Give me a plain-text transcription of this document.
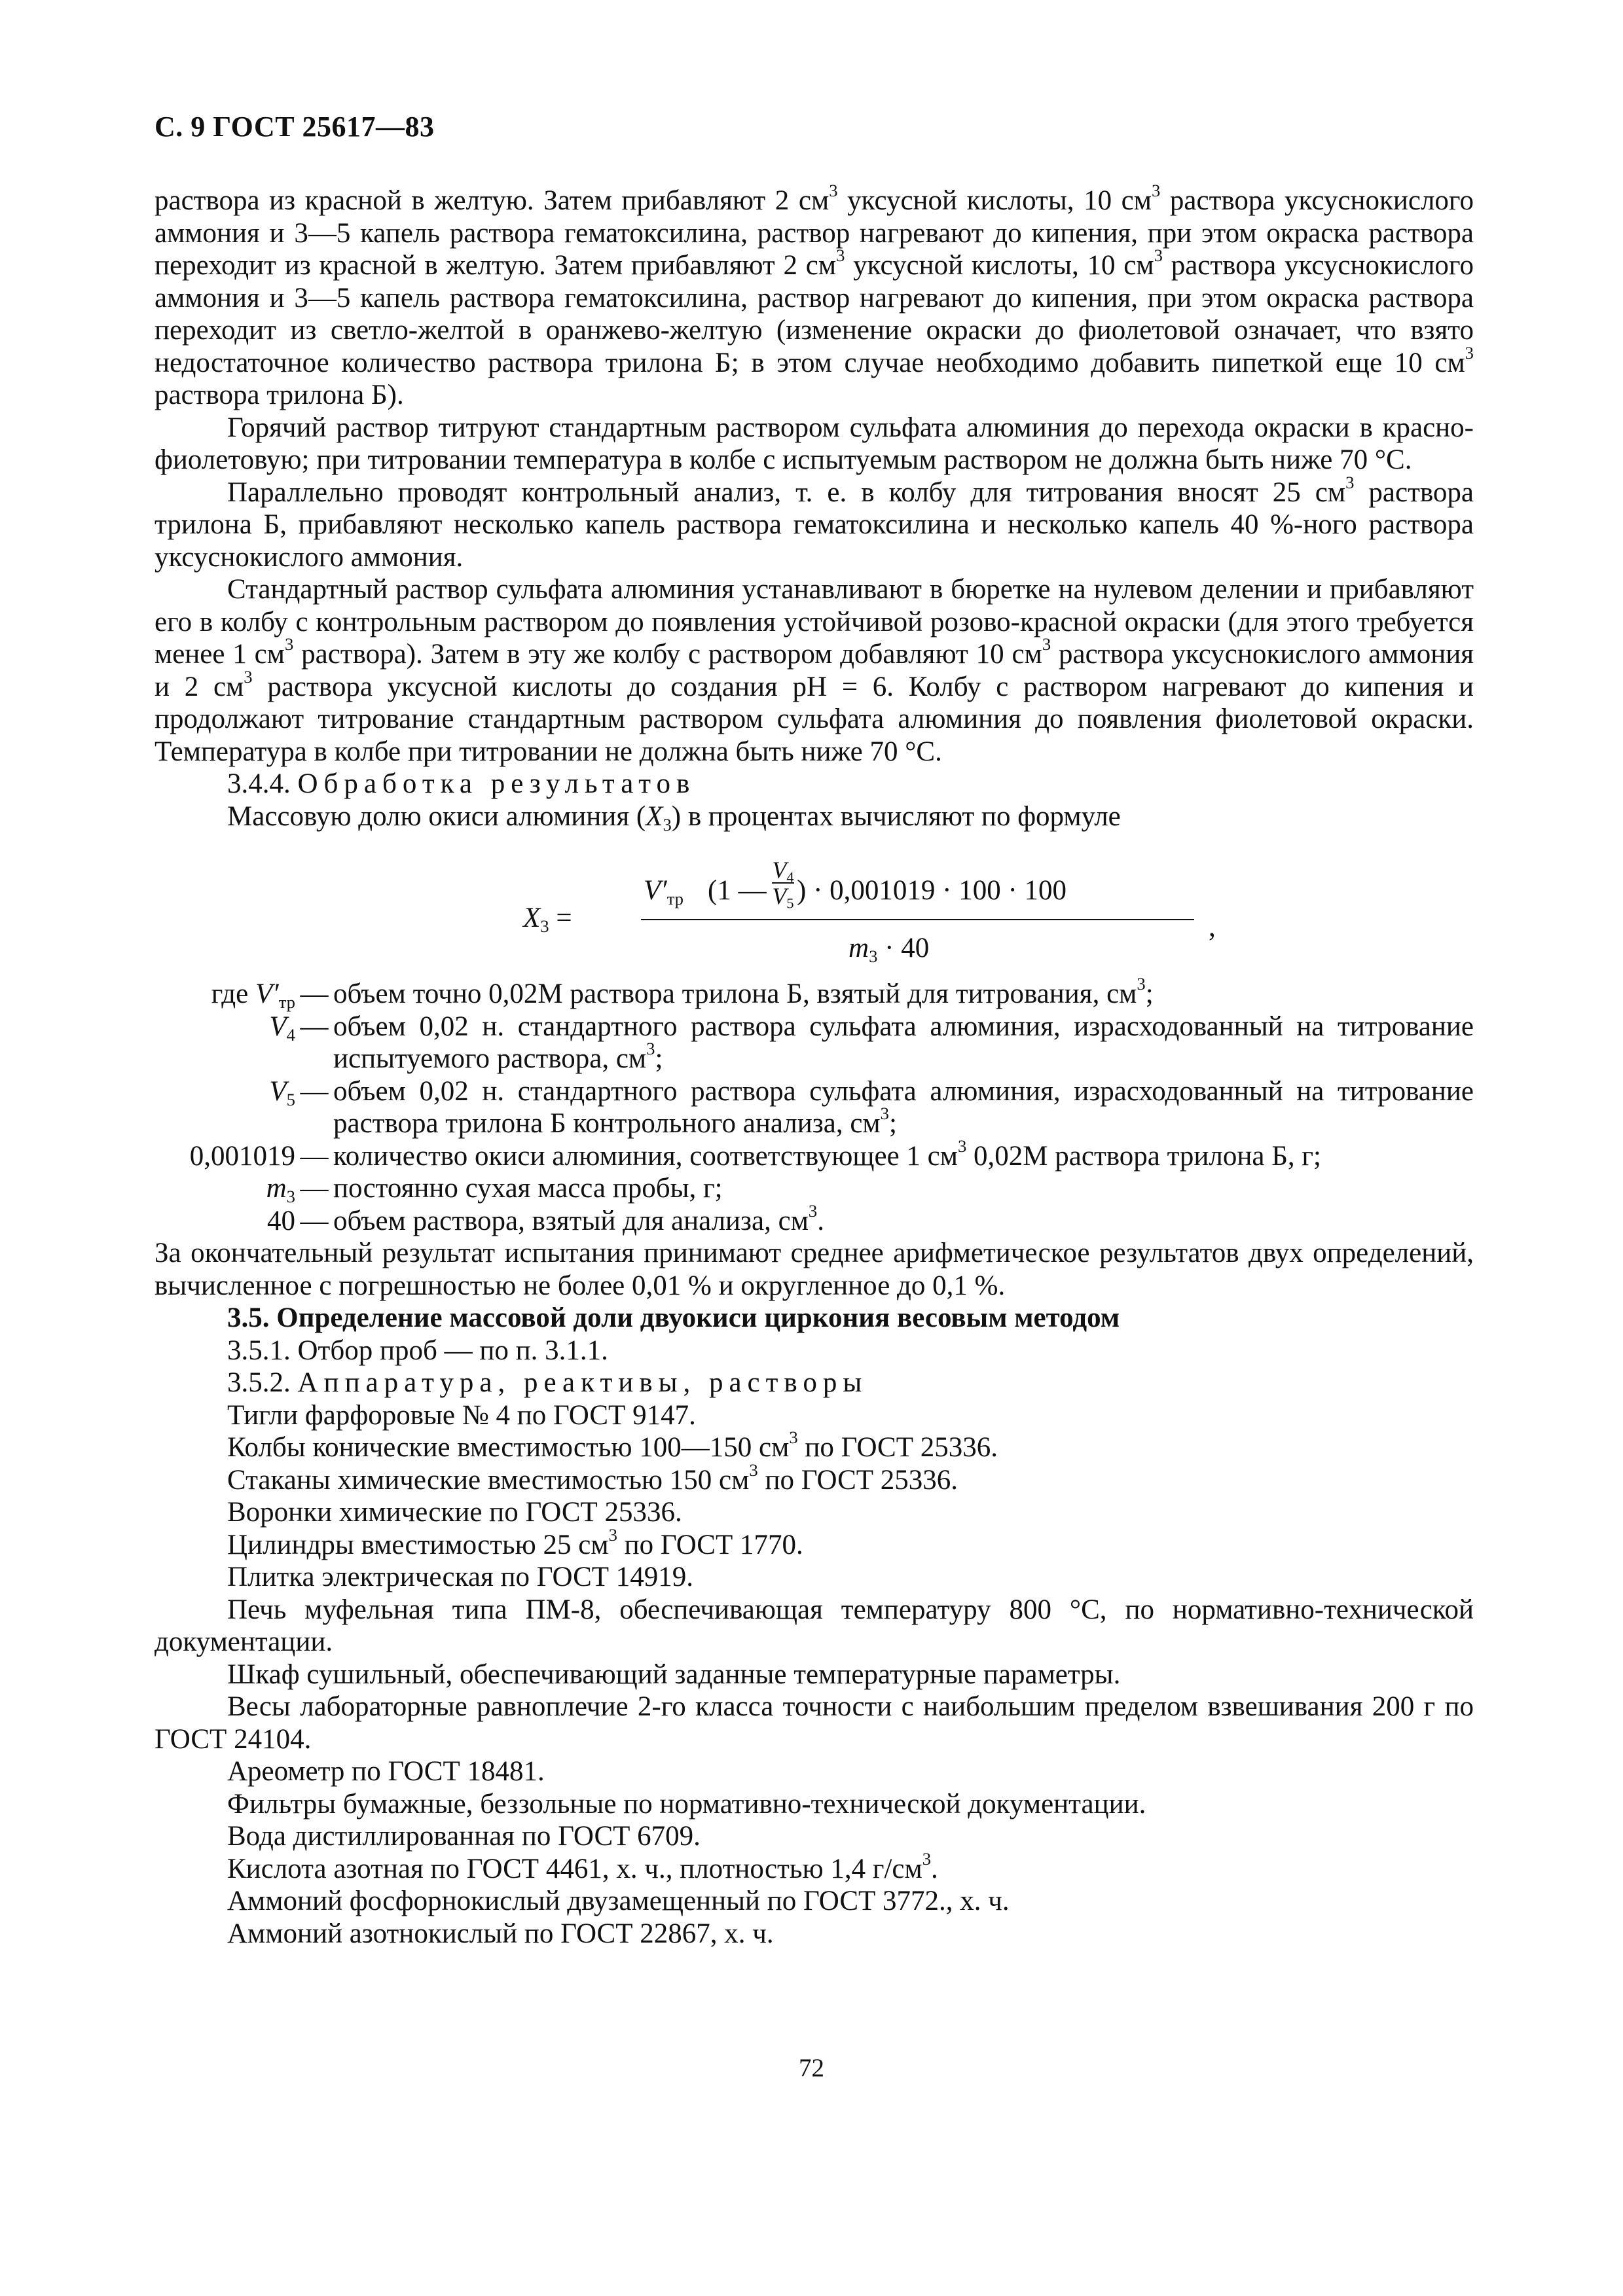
С. 9 ГОСТ 25617—83

раствора из красной в желтую. Затем прибавляют 2 $см^3$ уксусной кислоты, 10 $см^3$ раствора уксуснокислого аммония и 3—5 капель раствора гематоксилина, раствор нагревают до кипения, при этом окраска раствора переходит из красной в желтую. Затем прибавляют 2 $см^3$ уксусной кислоты, 10 $см^3$ раствора уксуснокислого аммония и 3—5 капель раствора гематоксилина, раствор нагревают до кипения, при этом окраска раствора переходит из светло-желтой в оранжево-желтую (изменение окраски до фиолетовой означает, что взято недостаточное количество раствора трилона Б; в этом случае необходимо добавить пипеткой еще 10 $см^3$ раствора трилона Б).

Горячий раствор титруют стандартным раствором сульфата алюминия до перехода окраски в красно-фиолетовую; при титровании температура в колбе с испытуемым раствором не должна быть ниже 70 °С.

Параллельно проводят контрольный анализ, т. е. в колбу для титрования вносят 25 $см^3$ раствора трилона Б, прибавляют несколько капель раствора гематоксилина и несколько капель 40 %-ного раствора уксуснокислого аммония.

Стандартный раствор сульфата алюминия устанавливают в бюретке на нулевом делении и прибавляют его в колбу с контрольным раствором до появления устойчивой розово-красной окраски (для этого требуется менее 1 $см^3$ раствора). Затем в эту же колбу с раствором добавляют 10 $см^3$ раствора уксуснокислого аммония и 2 $см^3$ раствора уксусной кислоты до создания рН = 6. Колбу с раствором нагревают до кипения и продолжают титрование стандартным раствором сульфата алюминия до появления фиолетовой окраски. Температура в колбе при титровании не должна быть ниже 70 °С.

3.4.4. Обработка результатов

Массовую долю окиси алюминия $(X_3)$ в процентах вычисляют по формуле

$V'_{тр}$ (1 —
$V_4$
$V_5$ ) · 0,001019 · 100 · 100
$X_3$ =	,
$m_3 \cdot 40$
где $V'_{тр}$ — объем точно 0,02М раствора трилона Б, взятый для титрования, $см^3$;
$V_4$ — объем 0,02 н. стандартного раствора сульфата алюминия, израсходованный на титрование испытуемого раствора, $см^3$;
$V_5$ — объем 0,02 н. стандартного раствора сульфата алюминия, израсходованный на титрование раствора трилона Б контрольного анализа, $см^3$;
0,001019 — количество окиси алюминия, соответствующее 1 $см^3$ 0,02М раствора трилона Б, г;
$m_3$ — постоянно сухая масса пробы, г;
40 — объем раствора, взятый для анализа, $см^3$.

За окончательный результат испытания принимают среднее арифметическое результатов двух определений, вычисленное с погрешностью не более 0,01 % и округленное до 0,1 %.

3.5. Определение массовой доли двуокиси циркония весовым методом

3.5.1. Отбор проб — по п. 3.1.1.

3.5.2. Аппаратура, реактивы, растворы

Тигли фарфоровые № 4 по ГОСТ 9147.

Колбы конические вместимостью 100—150 $см^3$ по ГОСТ 25336.

Стаканы химические вместимостью 150 $см^3$ по ГОСТ 25336.

Воронки химические по ГОСТ 25336.

Цилиндры вместимостью 25 $см^3$ по ГОСТ 1770.

Плитка электрическая по ГОСТ 14919.

Печь муфельная типа ПМ-8, обеспечивающая температуру 800 °С, по нормативно-технической документации.

Шкаф сушильный, обеспечивающий заданные температурные параметры.

Весы лабораторные равноплечие 2-го класса точности с наибольшим пределом взвешивания 200 г по ГОСТ 24104.

Ареометр по ГОСТ 18481.

Фильтры бумажные, беззольные по нормативно-технической документации.

Вода дистиллированная по ГОСТ 6709.

Кислота азотная по ГОСТ 4461, х. ч., плотностью 1,4 $г/см^3$.

Аммоний фосфорнокислый двузамещенный по ГОСТ 3772., х. ч.

Аммоний азотнокислый по ГОСТ 22867, х. ч.

72
